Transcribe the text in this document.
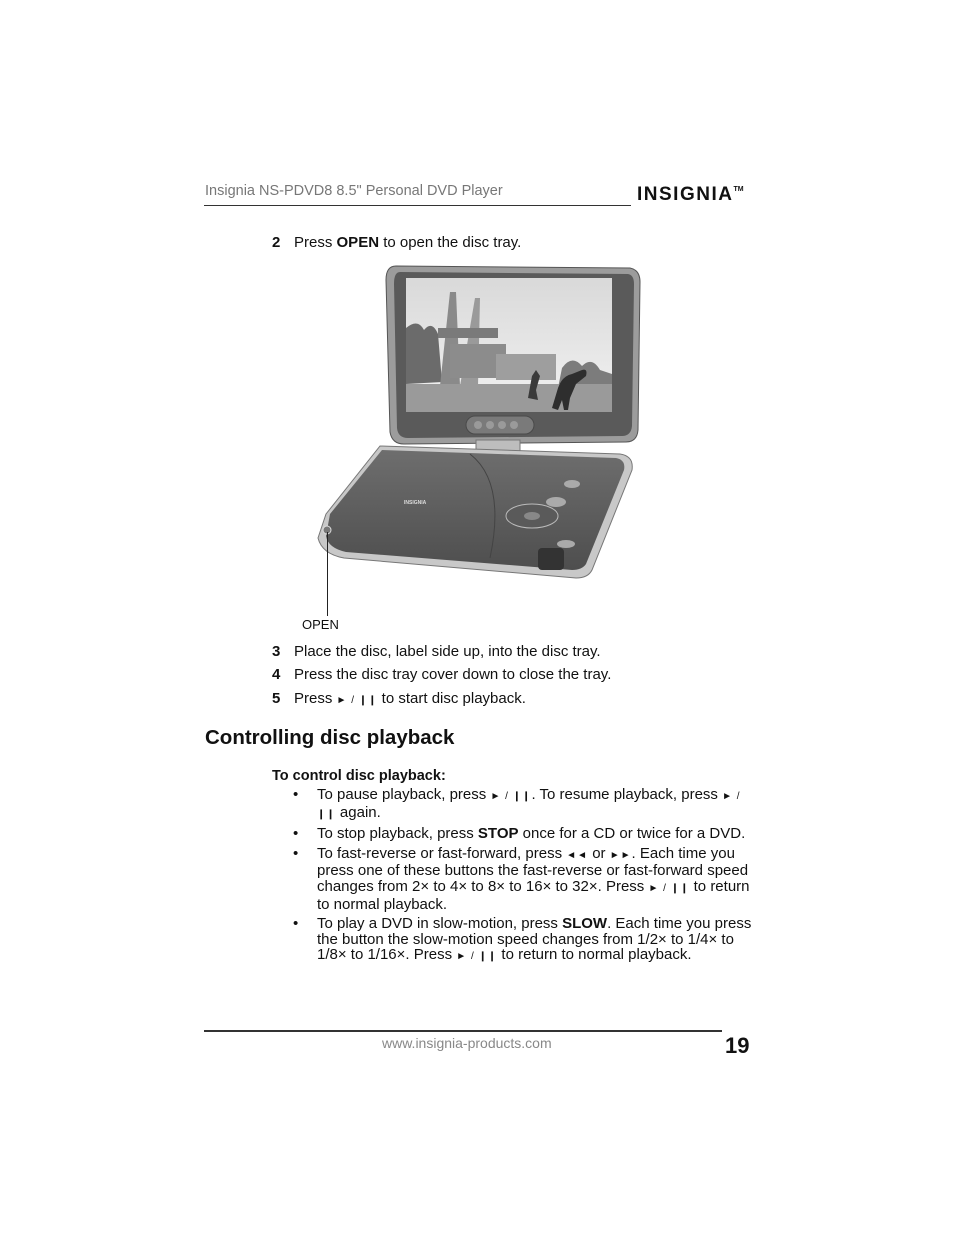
Insignia NS-PDVD8 8.5" Personal DVD Player	INSIGNIA™
2 Press OPEN to open the disc tray.
INSIGNIA
OPEN
3 Place the disc, label side up, into the disc tray.
4 Press the disc tray cover down to close the tray.
5 Press ► / ❙❙ to start disc playback.
Controlling disc playback
To control disc playback:
• To pause playback, press ► / ❙❙. To resume playback, press ► / ❙❙ again.
• To stop playback, press STOP once for a CD or twice for a DVD.
• To fast-reverse or fast-forward, press ◄◄ or ►►. Each time you press one of these buttons the fast-reverse or fast-forward speed changes from 2× to 4× to 8× to 16× to 32×. Press ► / ❙❙ to return to normal playback.
• To play a DVD in slow-motion, press SLOW. Each time you press the button the slow-motion speed changes from 1/2× to 1/4× to 1/8× to 1/16×. Press ► / ❙❙ to return to normal playback.
www.insignia-products.com	19
